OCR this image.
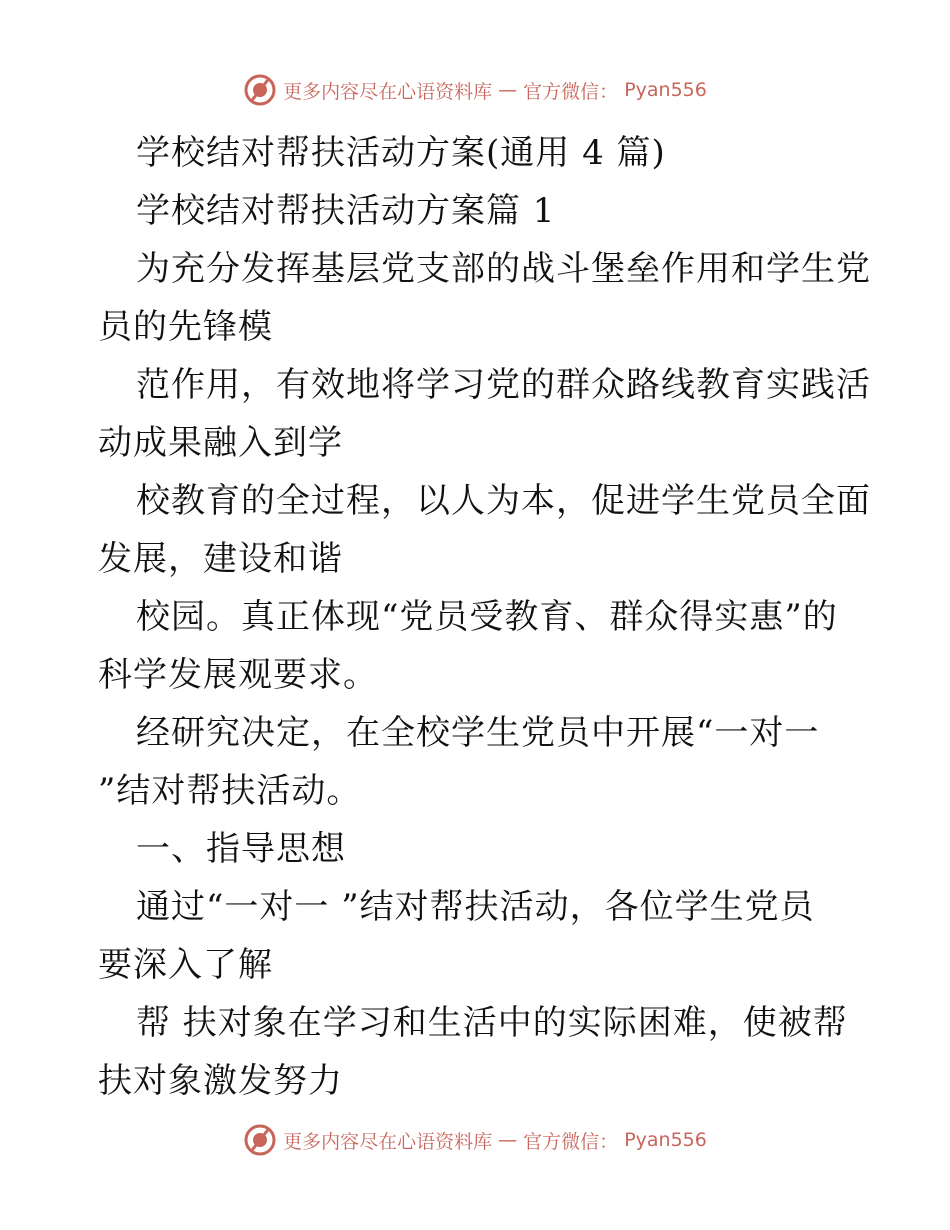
更多内容尽在心语资料库 — 官方微信： Pyan556
学校结对帮扶活动方案(通用 4 篇)
学校结对帮扶活动方案篇 1
为充分发挥基层党支部的战斗堡垒作用和学生党
员的先锋模
范作用，有效地将学习党的群众路线教育实践活
动成果融入到学
校教育的全过程，以人为本，促进学生党员全面
发展，建设和谐
校园。真正体现“党员受教育、群众得实惠”的
科学发展观要求。
经研究决定，在全校学生党员中开展“一对一
”结对帮扶活动。
一、指导思想
通过“一对一 ”结对帮扶活动，各位学生党员
要深入了解
帮 扶对象在学习和生活中的实际困难，使被帮
扶对象激发努力
更多内容尽在心语资料库 — 官方微信： Pyan556
